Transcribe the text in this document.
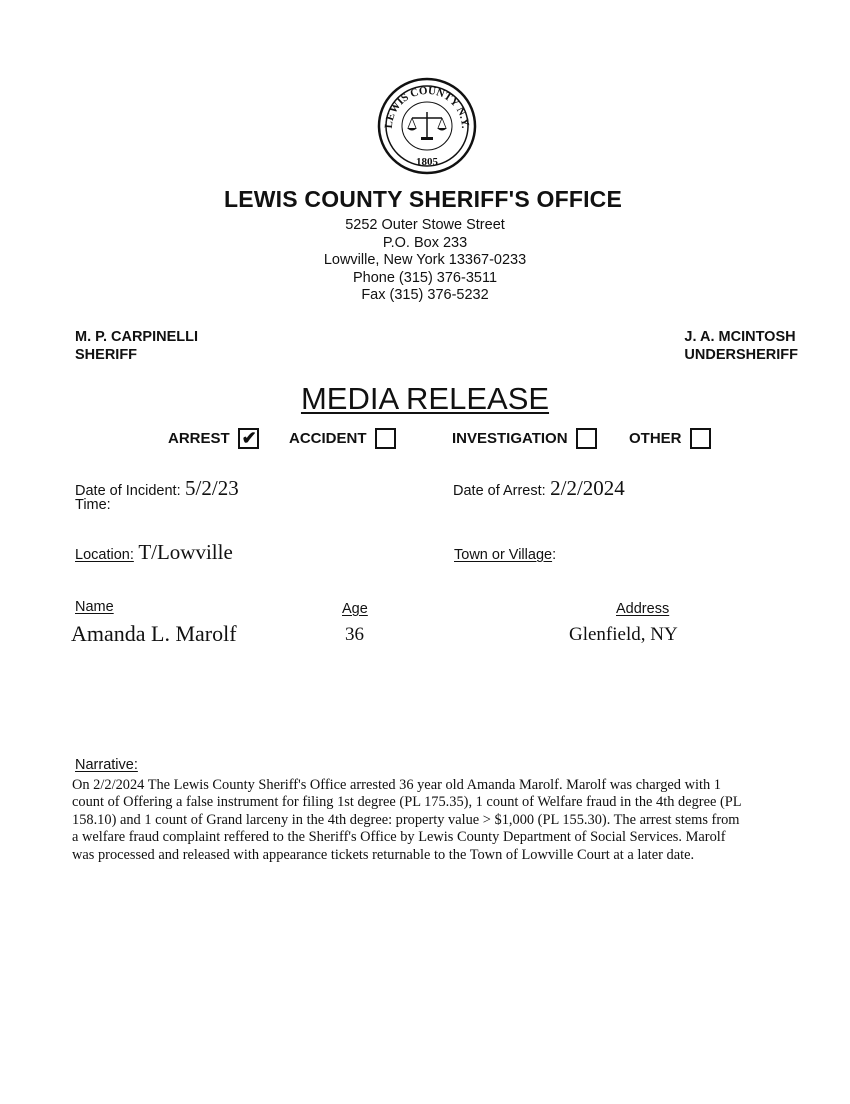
LEWIS COUNTY N.Y.
1805
LEWIS COUNTY SHERIFF'S OFFICE
5252 Outer Stowe Street
P.O. Box 233
Lowville, New York 13367-0233
Phone (315) 376-3511
Fax (315) 376-5232
M. P. CARPINELLI
SHERIFF
J. A. MCINTOSH
UNDERSHERIFF
MEDIA RELEASE
ARREST ✔ ACCIDENT	INVESTIGATION	OTHER
Date of Incident: 5/2/23
Time:
Date of Arrest: 2/2/2024
Location: T/Lowville	Town or Village:
Name	Age	Address
Amanda L. Marolf	36	Glenfield, NY
Narrative:
On 2/2/2024 The Lewis County Sheriff's Office arrested 36 year old Amanda Marolf. Marolf was charged with 1
count of Offering a false instrument for filing 1st degree (PL 175.35), 1 count of Welfare fraud in the 4th degree (PL
158.10) and 1 count of Grand larceny in the 4th degree: property value > $1,000 (PL 155.30). The arrest stems from
a welfare fraud complaint reffered to the Sheriff's Office by Lewis County Department of Social Services. Marolf
was processed and released with appearance tickets returnable to the Town of Lowville Court at a later date.
